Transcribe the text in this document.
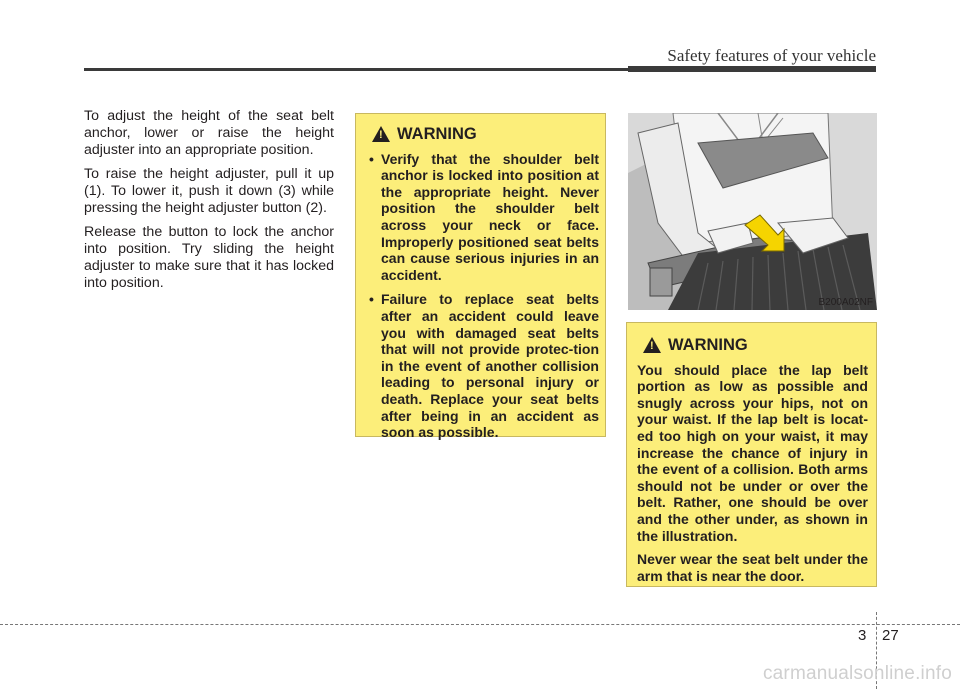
Safety features of your vehicle

To adjust the height of the seat belt anchor, lower or raise the height adjuster into an appropriate position.

To raise the height adjuster, pull it up (1). To lower it, push it down (3) while pressing the height adjuster button (2).

Release the button to lock the anchor into position. Try sliding the height adjuster to make sure that it has locked into position.

!
WARNING
• Verify that the shoulder belt anchor is locked into position at the appropriate height. Never position the shoulder belt across your neck or face. Improperly positioned seat belts can cause serious injuries in an accident.
• Failure to replace seat belts after an accident could leave you with damaged seat belts that will not provide protec-tion in the event of another collision leading to personal injury or death. Replace your seat belts after being in an accident as soon as possible.
B200A02NF
!
WARNING

You should place the lap belt portion as low as possible and snugly across your hips, not on your waist. If the lap belt is locat-ed too high on your waist, it may increase the chance of injury in the event of a collision. Both arms should not be under or over the belt. Rather, one should be over and the other under, as shown in the illustration.

Never wear the seat belt under the arm that is near the door.

3 27
carmanualsonline.info
